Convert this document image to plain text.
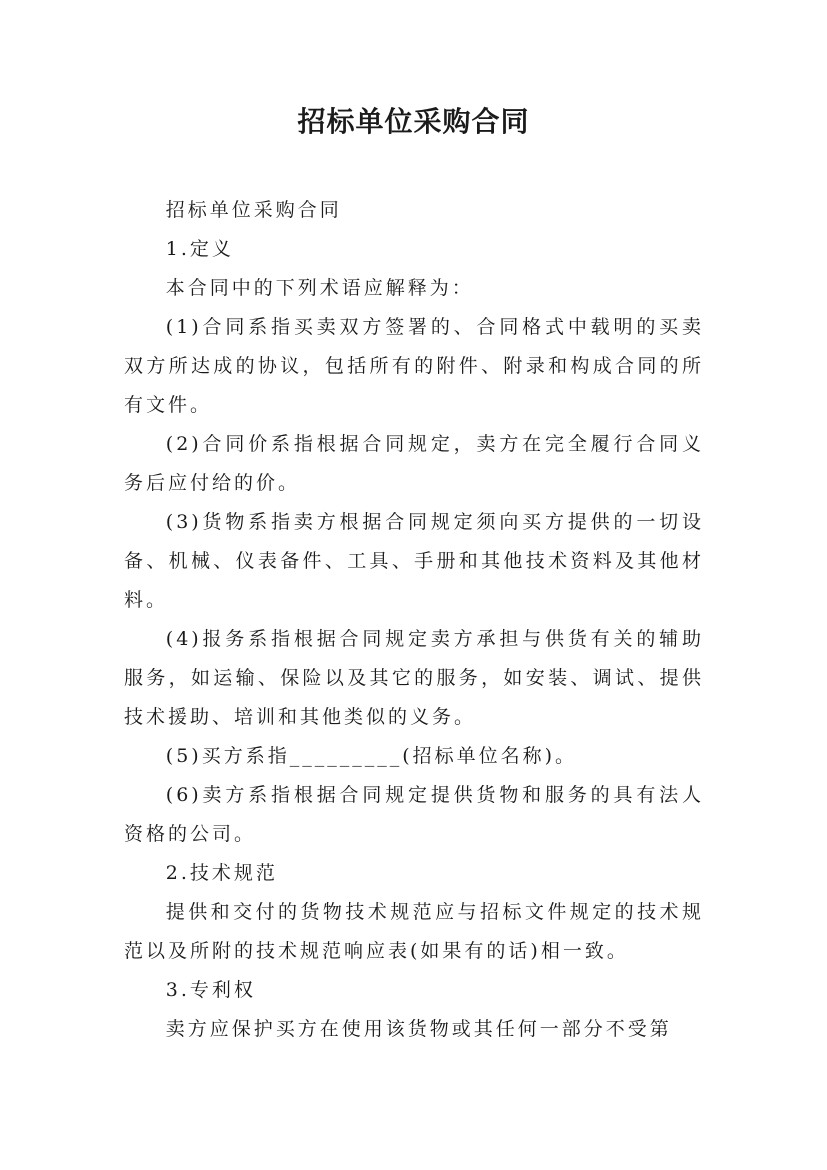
招标单位采购合同

招标单位采购合同

1.定义

本合同中的下列术语应解释为：

(1)合同系指买卖双方签署的、合同格式中载明的买卖双方所达成的协议，包括所有的附件、附录和构成合同的所有文件。

(2)合同价系指根据合同规定，卖方在完全履行合同义务后应付给的价。

(3)货物系指卖方根据合同规定须向买方提供的一切设备、机械、仪表备件、工具、手册和其他技术资料及其他材料。

(4)报务系指根据合同规定卖方承担与供货有关的辅助服务，如运输、保险以及其它的服务，如安装、调试、提供技术援助、培训和其他类似的义务。

(5)买方系指_________(招标单位名称)。

(6)卖方系指根据合同规定提供货物和服务的具有法人资格的公司。

2.技术规范

提供和交付的货物技术规范应与招标文件规定的技术规范以及所附的技术规范响应表(如果有的话)相一致。

3.专利权

卖方应保护买方在使用该货物或其任何一部分不受第
